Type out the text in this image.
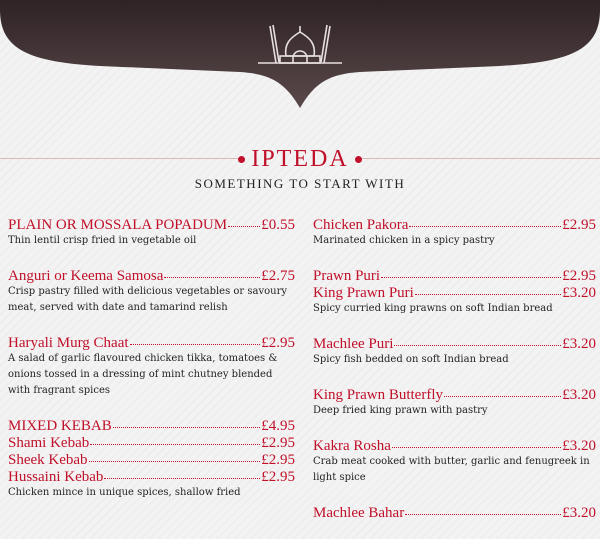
IPTEDA
SOMETHING TO START WITH
PLAIN OR MOSSALA POPADUM £0.55
Thin lentil crisp fried in vegetable oil
Anguri or Keema Samosa	£2.75
Crisp pastry filled with delicious vegetables or savoury meat, served with date and tamarind relish
Haryali Murg Chaat	£2.95
A salad of garlic flavoured chicken tikka, tomatoes & onions tossed in a dressing of mint chutney blended with fragrant spices
MIXED KEBAB	£4.95
Shami Kebab	£2.95
Sheek Kebab	£2.95
Hussaini Kebab	£2.95
Chicken mince in unique spices, shallow fried
Chicken Pakora	£2.95
Marinated chicken in a spicy pastry
Prawn Puri	£2.95
King Prawn Puri	£3.20
Spicy curried king prawns on soft Indian bread
Machlee Puri	£3.20
Spicy fish bedded on soft Indian bread
King Prawn Butterfly	£3.20
Deep fried king prawn with pastry
Kakra Rosha	£3.20
Crab meat cooked with butter, garlic and fenugreek in light spice
Machlee Bahar	£3.20
